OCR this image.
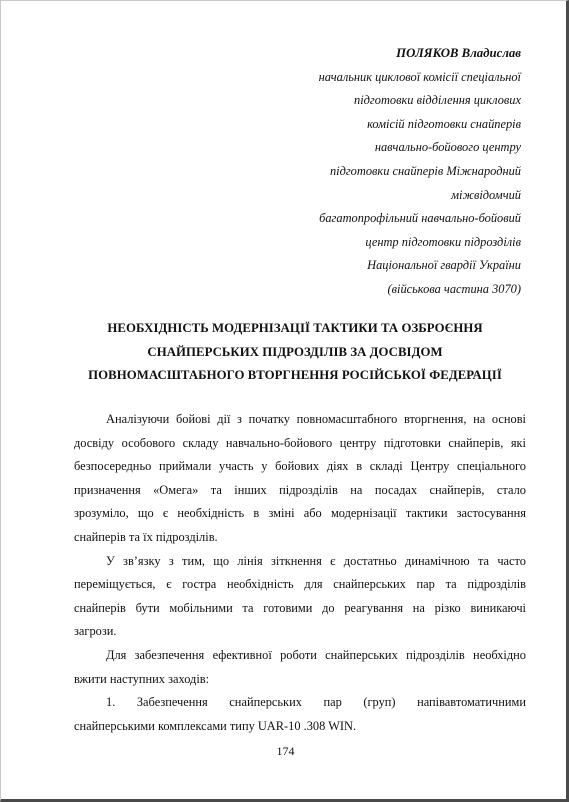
ПОЛЯКОВ Владислав
начальник циклової комісії спеціальної
підготовки відділення циклових
комісій підготовки снайперів
навчально-бойового центру
підготовки снайперів Міжнародний
міжвідомчий
багатопрофільний навчально-бойовий
центр підготовки підрозділів
Національної гвардії України
(військова частина 3070)
НЕОБХІДНІСТЬ МОДЕРНІЗАЦІЇ ТАКТИКИ ТА ОЗБРОЄННЯ
СНАЙПЕРСЬКИХ ПІДРОЗДІЛІВ ЗА ДОСВІДОМ
ПОВНОМАСШТАБНОГО ВТОРГНЕННЯ РОСІЙСЬКОЇ ФЕДЕРАЦІЇ
Аналізуючи бойові дії з початку повномасштабного вторгнення, на основі
досвіду особового складу навчально-бойового центру підготовки снайперів, які
безпосередньо приймали участь у бойових діях в складі Центру спеціального
призначення «Омега» та інших підрозділів на посадах снайперів, стало
зрозуміло, що є необхідність в зміні або модернізації тактики застосування
снайперів та їх підрозділів.
У зв’язку з тим, що лінія зіткнення є достатньо динамічною та часто
переміщується, є гостра необхідність для снайперських пар та підрозділів
снайперів бути мобільними та готовими до реагування на різко виникаючі
загрози.
Для забезпечення ефективної роботи снайперських підрозділів необхідно
вжити наступних заходів:
1. Забезпечення снайперських пар (груп) напівавтоматичними
снайперськими комплексами типу UAR-10 .308 WIN.
174
